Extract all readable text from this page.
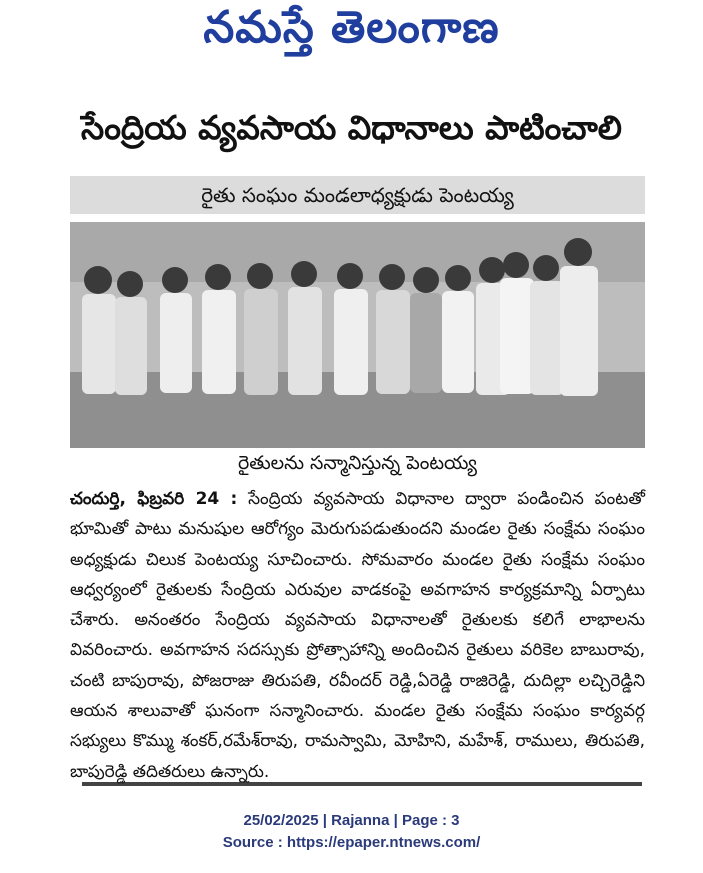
నమస్తే తెలంగాణ
సేంద్రియ వ్యవసాయ విధానాలు పాటించాలి
రైతు సంఘం మండలాధ్యక్షుడు పెంటయ్య
రైతులను సన్మానిస్తున్న పెంటయ్య
చందుర్తి, ఫిబ్రవరి 24 : సేంద్రియ వ్యవసాయ విధానాల ద్వారా పండించిన పంటతో భూమితో పాటు మనుషుల ఆరోగ్యం మెరుగుపడుతుందని మండల రైతు సంక్షేమ సంఘం అధ్యక్షుడు చిలుక పెంటయ్య సూచించారు. సోమవారం మండల రైతు సంక్షేమ సంఘం ఆధ్వర్యంలో రైతులకు సేంద్రియ ఎరువుల వాడకంపై అవగాహన కార్యక్రమాన్ని ఏర్పాటు చేశారు. అనంతరం సేంద్రియ వ్యవసాయ విధానాలతో రైతులకు కలిగే లాభాలను వివరించారు. అవగాహన సదస్సుకు ప్రోత్సాహాన్ని అందించిన రైతులు వరికెల బాబురావు, చంటి బాపురావు, పోజరాజు తిరుపతి, రవీందర్ రెడ్డి,ఏరెడ్డి రాజిరెడ్డి, దుదిల్లా లచ్చిరెడ్డిని ఆయన శాలువాతో ఘనంగా సన్మానించారు. మండల రైతు సంక్షేమ సంఘం కార్యవర్గ సభ్యులు కొమ్ము శంకర్,రమేశ్‌రావు, రామస్వామి, మోహిని, మహేశ్, రాములు, తిరుపతి, బాపురెడ్డి తదితరులు ఉన్నారు.
25/02/2025 | Rajanna | Page : 3
Source : https://epaper.ntnews.com/
